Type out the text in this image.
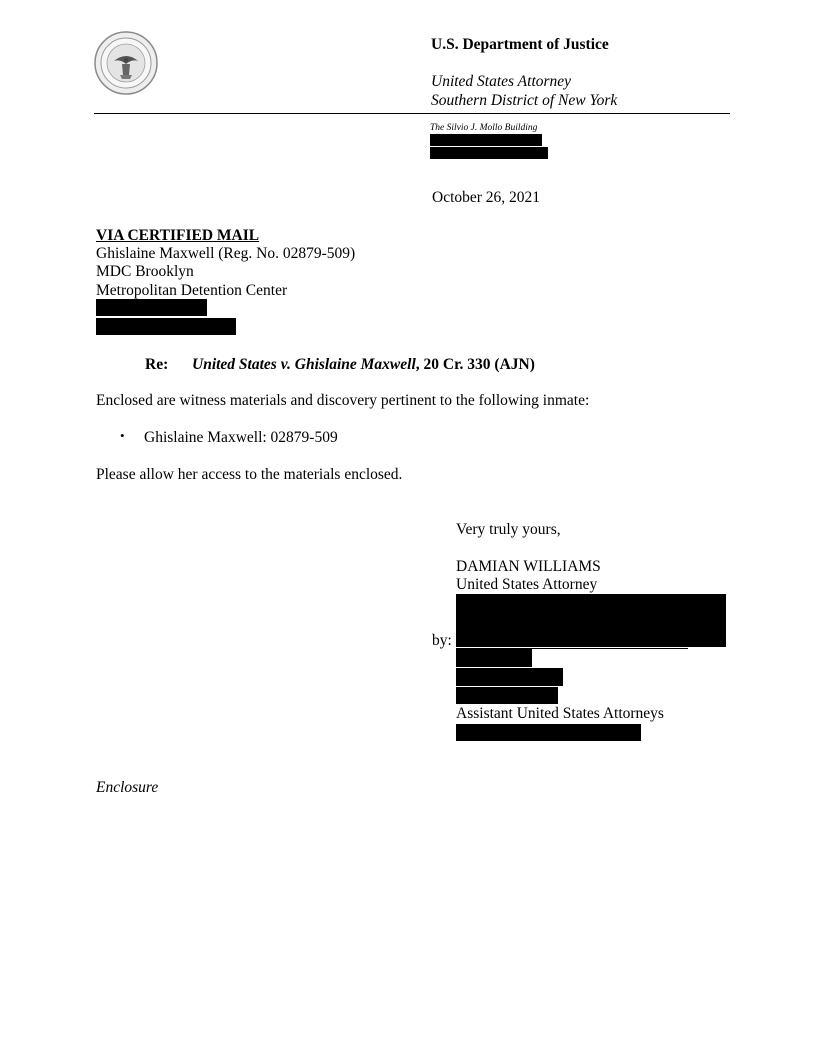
U.S. Department of Justice
United States Attorney
Southern District of New York
The Silvio J. Mollo Building
October 26, 2021
VIA CERTIFIED MAIL
Ghislaine Maxwell (Reg. No. 02879-509)
MDC Brooklyn
Metropolitan Detention Center
Re: United States v. Ghislaine Maxwell, 20 Cr. 330 (AJN)
Enclosed are witness materials and discovery pertinent to the following inmate:
• Ghislaine Maxwell: 02879-509
Please allow her access to the materials enclosed.
Very truly yours,
DAMIAN WILLIAMS
United States Attorney
by:
Assistant United States Attorneys
Enclosure
